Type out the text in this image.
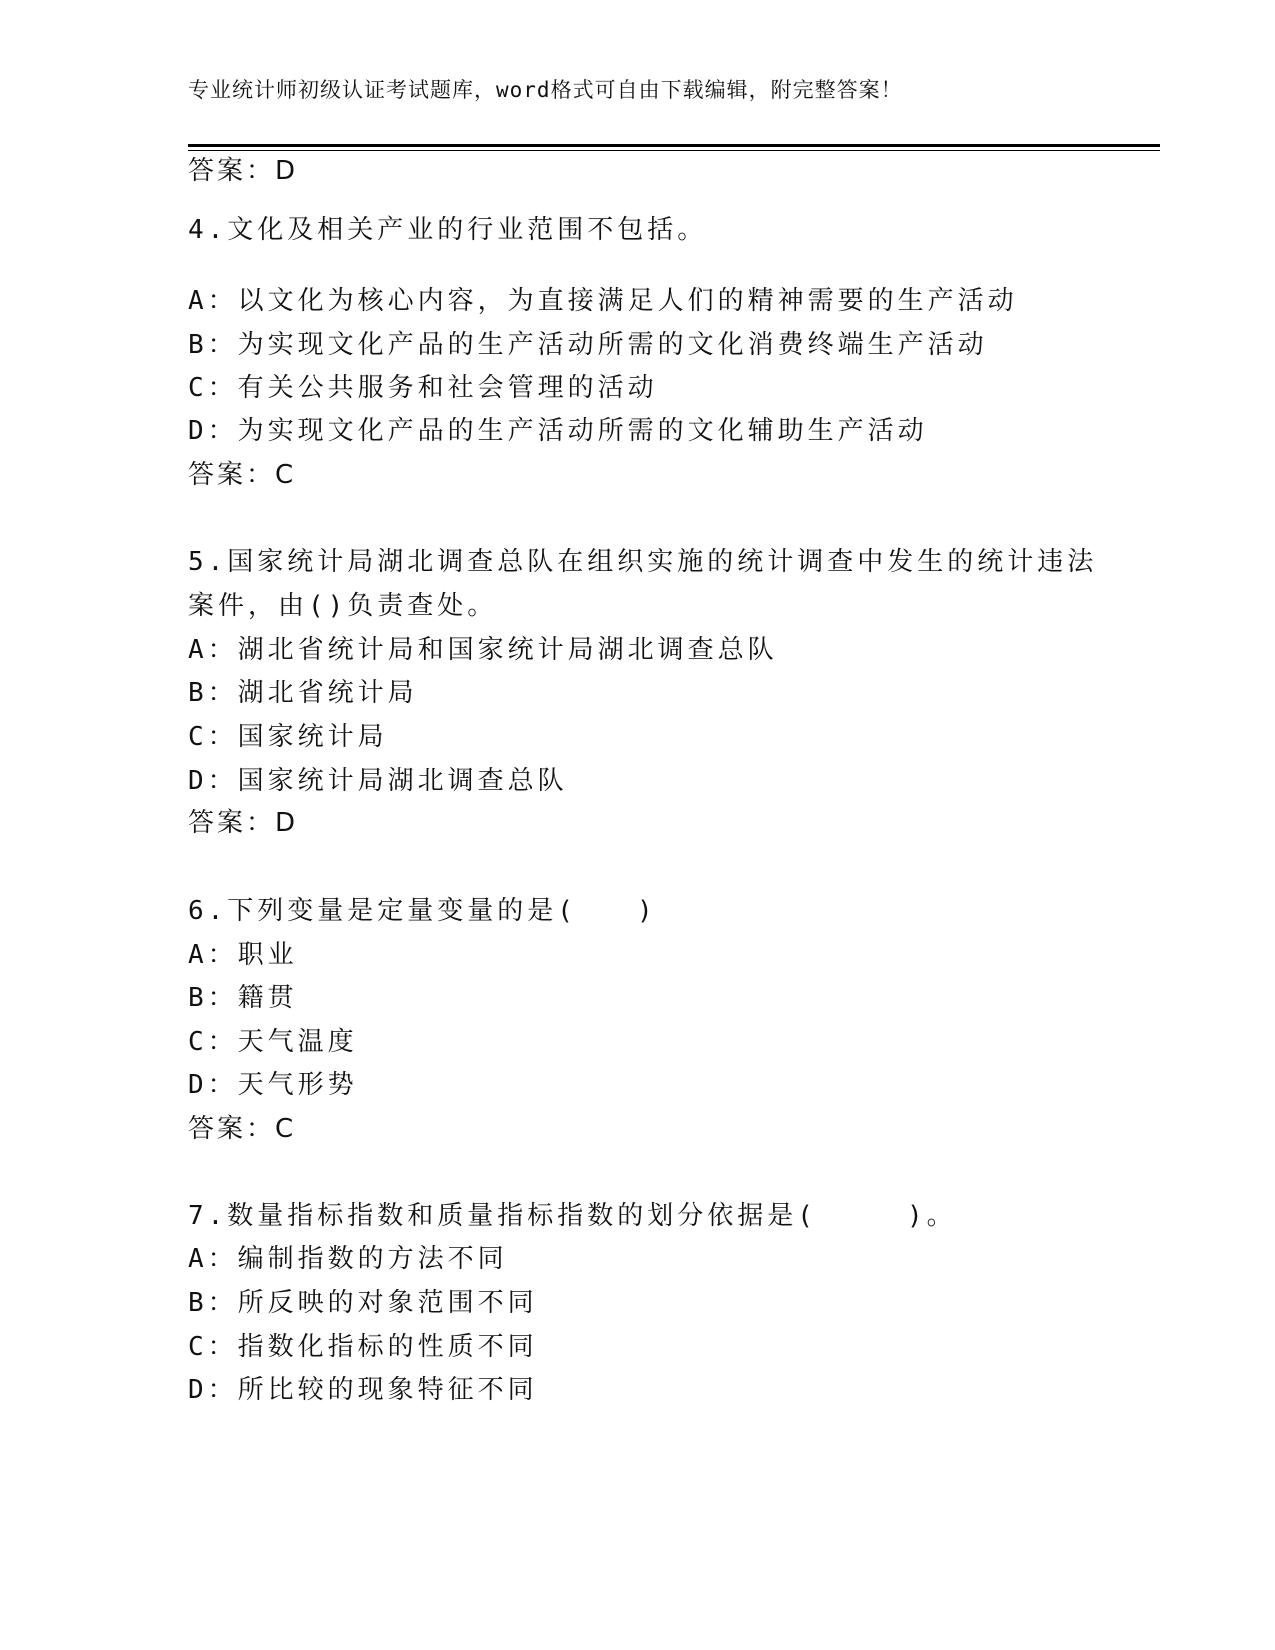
专业统计师初级认证考试题库，word格式可自由下载编辑，附完整答案！
答案：D
4.文化及相关产业的行业范围不包括。
A：以文化为核心内容，为直接满足人们的精神需要的生产活动
B：为实现文化产品的生产活动所需的文化消费终端生产活动
C：有关公共服务和社会管理的活动
D：为实现文化产品的生产活动所需的文化辅助生产活动
答案：C
5.国家统计局湖北调查总队在组织实施的统计调查中发生的统计违法
案件，由()负责查处。
A：湖北省统计局和国家统计局湖北调查总队
B：湖北省统计局
C：国家统计局
D：国家统计局湖北调查总队
答案：D
6.下列变量是定量变量的是(　　)
A：职业
B：籍贯
C：天气温度
D：天气形势
答案：C
7.数量指标指数和质量指标指数的划分依据是(　　　)。
A：编制指数的方法不同
B：所反映的对象范围不同
C：指数化指标的性质不同
D：所比较的现象特征不同
